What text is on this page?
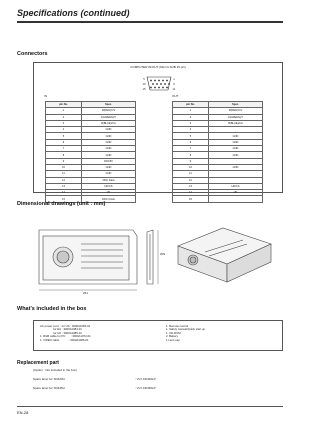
Specifications (continued)
Connectors
COMPUTER IN/OUT (Mini D-SUB 15 pin)
5	1
10	6
15	11
IN	OUT
pin No.	Spec.
1	R(RED)/CV
2	G(GREEN)/Y
3	B(BLUE)/CA
4	GND
5	GND
6	GND
7	GND
8	GND
9	DDC5V
10	GND
11	GND
12	DDC Data
13	HD/CS
14	VD
15	DDC Clock
pin No.	Spec.
1	R(RED)/CV
2	G(GREEN)/Y
3	B(BLUE)/CA
4	
5	GND
6	GND
7	GND
8	GND
9	
10	GND
11	
12	
13	HD/CS
14	VD
15	
Dimensional drawings (unit : mm)
261
209
What's included in the box
AC power cord    for US : 3000A1083-01
for EU : 3000A1084-01
for UK : 3000A1085-01
1. RGB cable for PC       : 3000A1072-01
1. VIDEO cable            : 3000A1086-01
1. Remote control
1. Safety manual/Quick start up
1. CD-ROM
2. Battery
1 Lens cap
Replacement part
(Option : Not included in the box)
Spare lamp for XD420U	: VLT-XD420LP
Spare lamp for XD435U	: VLT-XD435LP
EN-28
